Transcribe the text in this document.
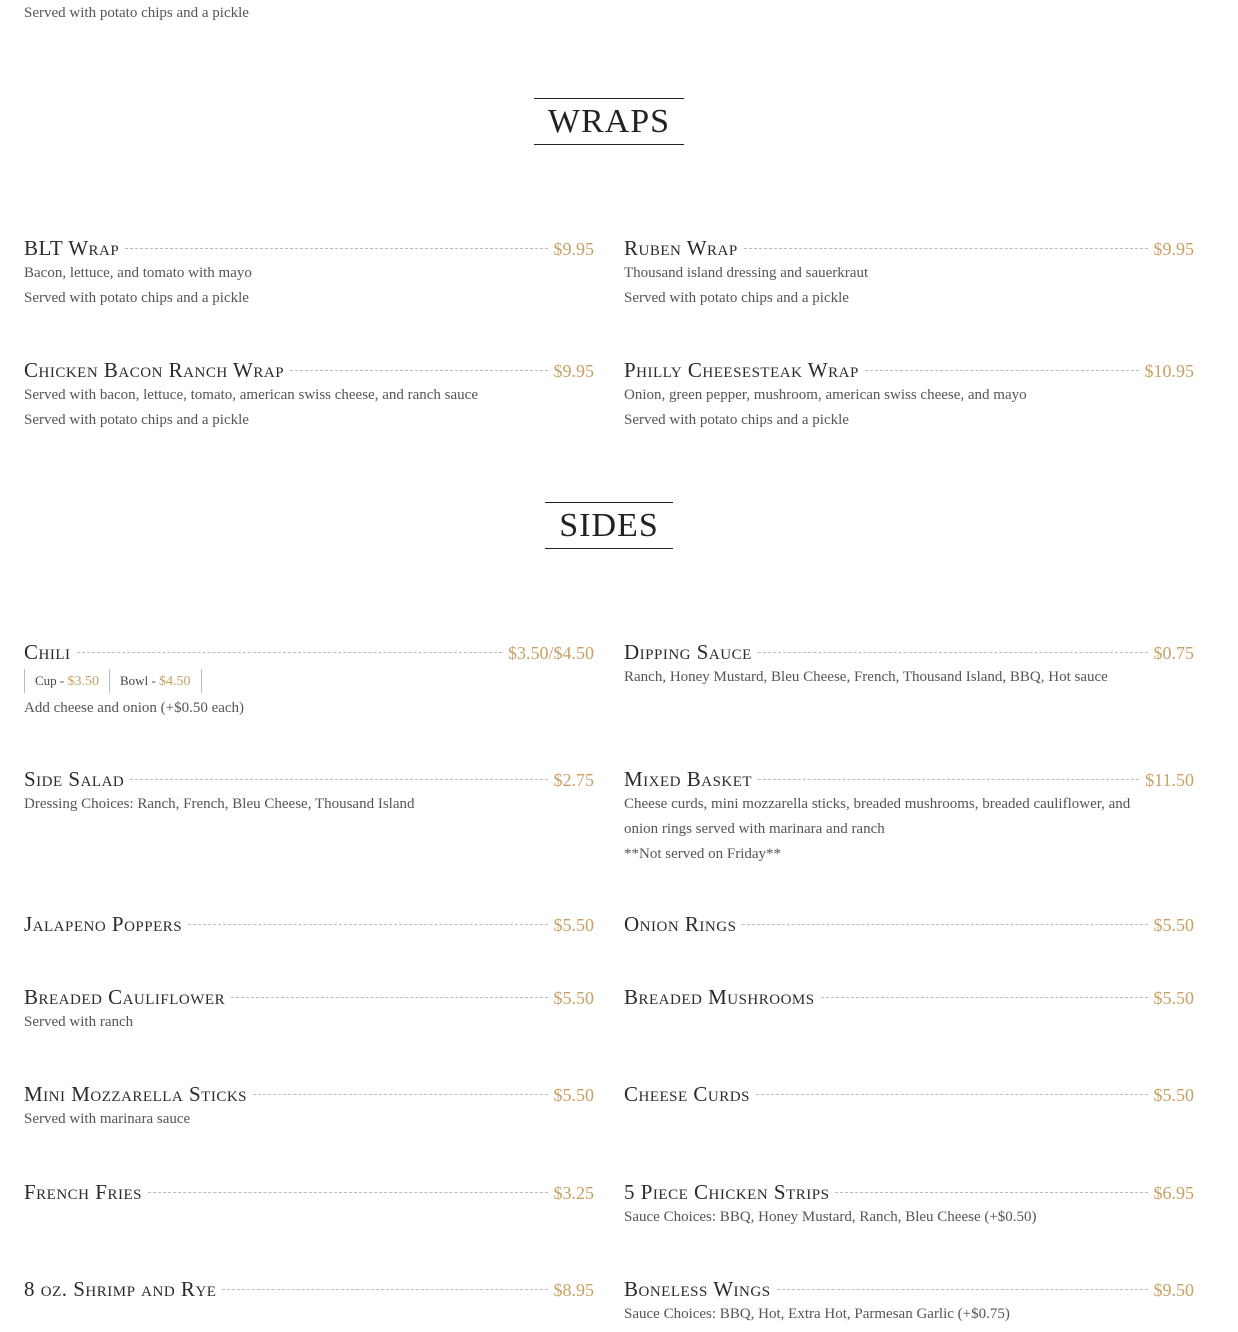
Served with potato chips and a pickle
WRAPS
BLT Wrap	$9.95
Bacon, lettuce, and tomato with mayo
Served with potato chips and a pickle
Ruben Wrap	$9.95
Thousand island dressing and sauerkraut
Served with potato chips and a pickle
Chicken Bacon Ranch Wrap	$9.95
Served with bacon, lettuce, tomato, american swiss cheese, and ranch sauce
Served with potato chips and a pickle
Philly Cheesesteak Wrap	$10.95
Onion, green pepper, mushroom, american swiss cheese, and mayo
Served with potato chips and a pickle
SIDES
Chili	$3.50/$4.50
Cup - $3.50	Bowl - $4.50
Add cheese and onion (+$0.50 each)
Dipping Sauce	$0.75
Ranch, Honey Mustard, Bleu Cheese, French, Thousand Island, BBQ, Hot sauce
Side Salad	$2.75
Dressing Choices: Ranch, French, Bleu Cheese, Thousand Island
Mixed Basket	$11.50
Cheese curds, mini mozzarella sticks, breaded mushrooms, breaded cauliflower, and
onion rings served with marinara and ranch
**Not served on Friday**
Jalapeno Poppers	$5.50 Onion Rings	$5.50
Breaded Cauliflower	$5.50
Served with ranch
Breaded Mushrooms	$5.50
Mini Mozzarella Sticks	$5.50
Served with marinara sauce
Cheese Curds	$5.50
French Fries	$3.25 5 Piece Chicken Strips	$6.95
Sauce Choices: BBQ, Honey Mustard, Ranch, Bleu Cheese (+$0.50)
8 oz. Shrimp and Rye	$8.95 Boneless Wings	$9.50
Sauce Choices: BBQ, Hot, Extra Hot, Parmesan Garlic (+$0.75)
